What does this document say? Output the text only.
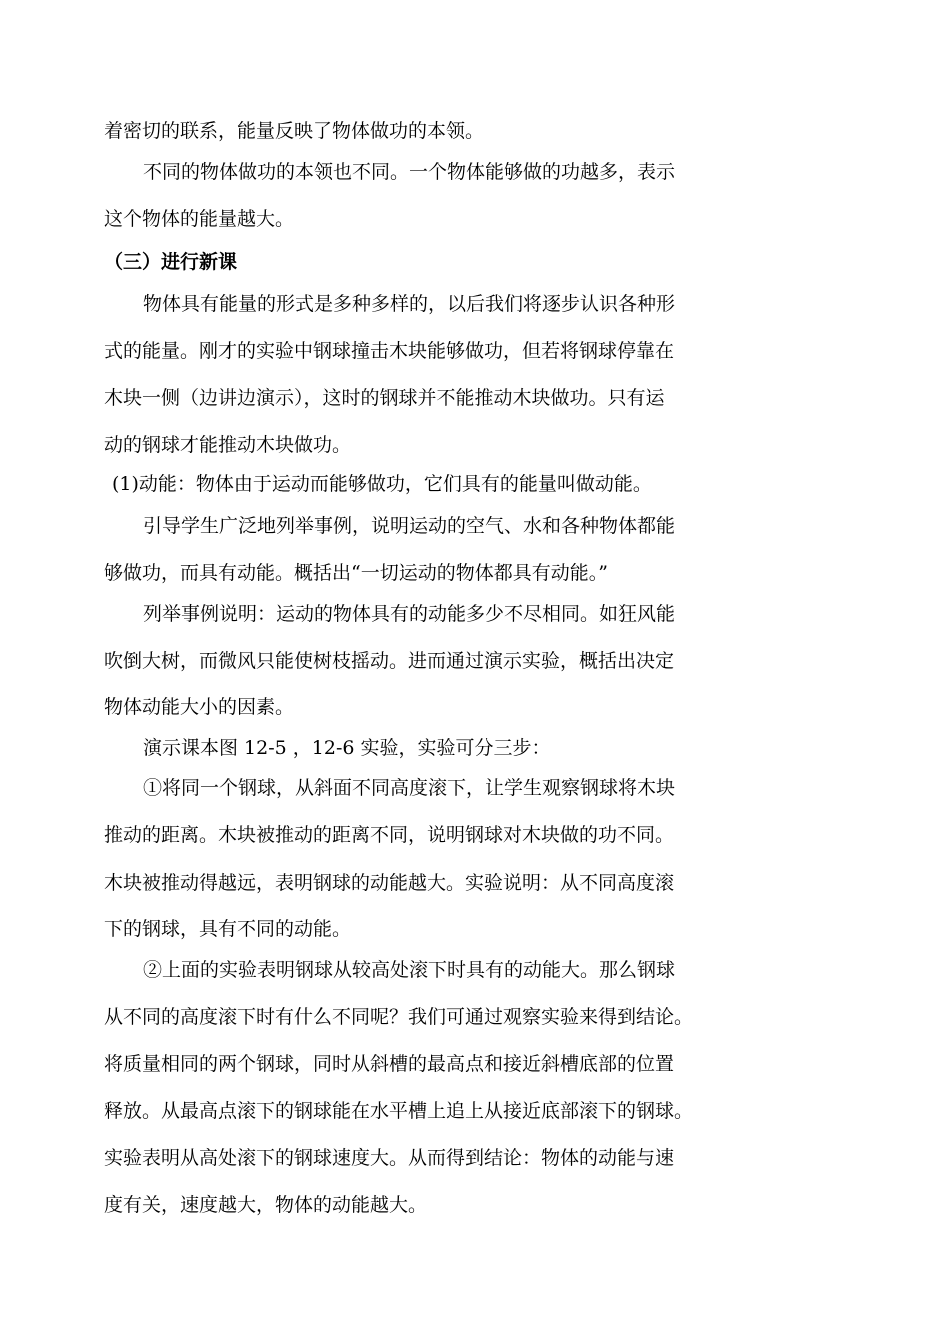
着密切的联系，能量反映了物体做功的本领。
不同的物体做功的本领也不同。一个物体能够做的功越多，表示
这个物体的能量越大。
（三）进行新课
物体具有能量的形式是多种多样的，以后我们将逐步认识各种形
式的能量。刚才的实验中钢球撞击木块能够做功，但若将钢球停靠在
木块一侧（边讲边演示），这时的钢球并不能推动木块做功。只有运
动的钢球才能推动木块做功。
(1)动能：物体由于运动而能够做功，它们具有的能量叫做动能。
引导学生广泛地列举事例，说明运动的空气、水和各种物体都能
够做功，而具有动能。概括出“一切运动的物体都具有动能。”
列举事例说明：运动的物体具有的动能多少不尽相同。如狂风能
吹倒大树，而微风只能使树枝摇动。进而通过演示实验，概括出决定
物体动能大小的因素。
演示课本图 12-5 ，12-6 实验，实验可分三步：
①将同一个钢球，从斜面不同高度滚下，让学生观察钢球将木块
推动的距离。木块被推动的距离不同，说明钢球对木块做的功不同。
木块被推动得越远，表明钢球的动能越大。实验说明：从不同高度滚
下的钢球，具有不同的动能。
②上面的实验表明钢球从较高处滚下时具有的动能大。那么钢球
从不同的高度滚下时有什么不同呢？我们可通过观察实验来得到结论。
将质量相同的两个钢球，同时从斜槽的最高点和接近斜槽底部的位置
释放。从最高点滚下的钢球能在水平槽上追上从接近底部滚下的钢球。
实验表明从高处滚下的钢球速度大。从而得到结论：物体的动能与速
度有关，速度越大，物体的动能越大。
